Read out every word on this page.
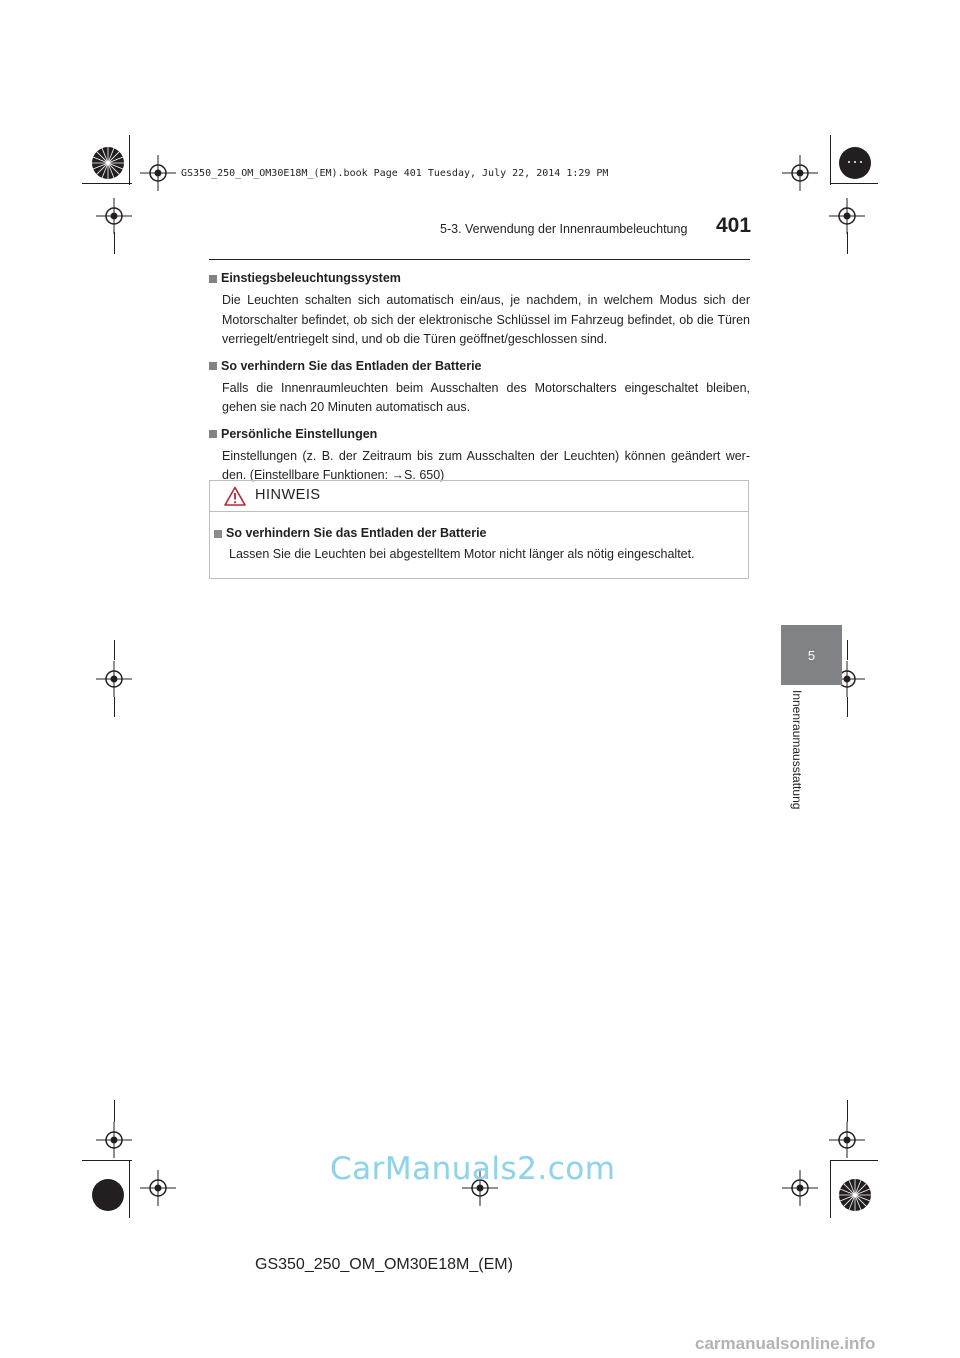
GS350_250_OM_OM30E18M_(EM).book Page 401 Tuesday, July 22, 2014 1:29 PM
5-3. Verwendung der Innenraumbeleuchtung 401
5
Innenraumausstattung
Einstiegsbeleuchtungssystem
Die Leuchten schalten sich automatisch ein/aus, je nachdem, in welchem Modus sich der Motorschalter befindet, ob sich der elektronische Schlüssel im Fahrzeug befindet, ob die Türen verriegelt/entriegelt sind, und ob die Türen geöffnet/geschlossen sind.
So verhindern Sie das Entladen der Batterie
Falls die Innenraumleuchten beim Ausschalten des Motorschalters eingeschaltet bleiben, gehen sie nach 20 Minuten automatisch aus.
Persönliche Einstellungen
Einstellungen (z. B. der Zeitraum bis zum Ausschalten der Leuchten) können geändert wer-den. (Einstellbare Funktionen: →S. 650)
HINWEIS
So verhindern Sie das Entladen der Batterie
Lassen Sie die Leuchten bei abgestelltem Motor nicht länger als nötig eingeschaltet.
CarManuals2.com
GS350_250_OM_OM30E18M_(EM)
carmanualsonline.info
